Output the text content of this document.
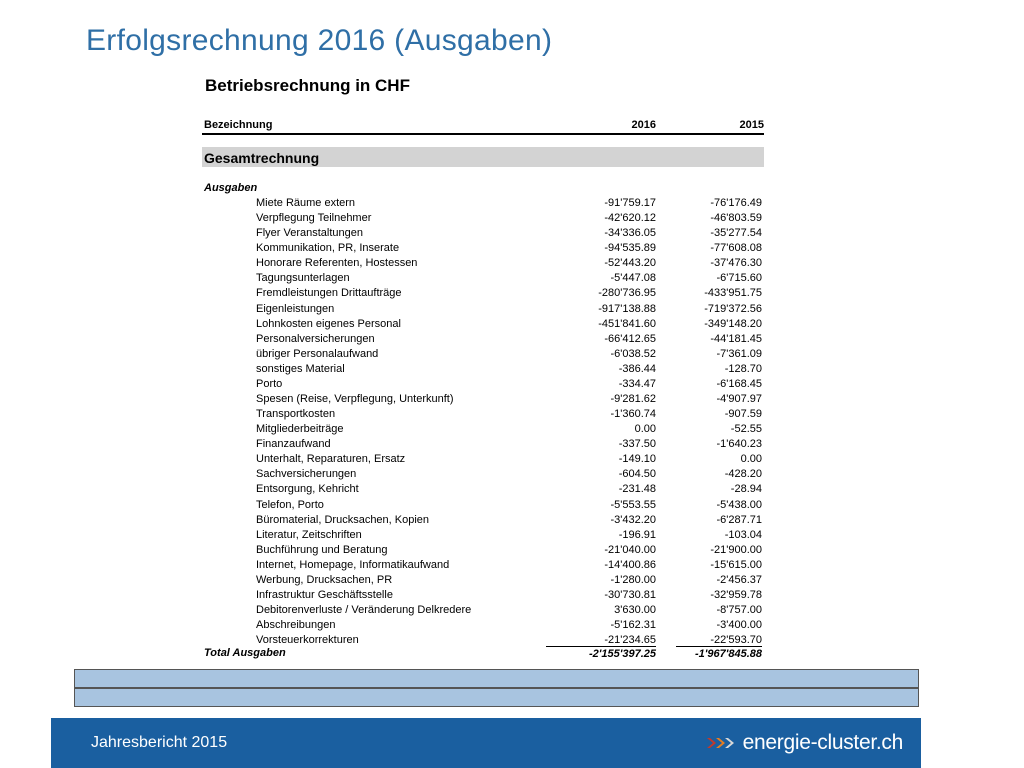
Erfolgsrechnung 2016 (Ausgaben)
Betriebsrechnung in CHF
Bezeichnung	2016	2015
Gesamtrechnung
Ausgaben
Miete Räume extern	-91'759.17	-76'176.49
Verpflegung Teilnehmer	-42'620.12	-46'803.59
Flyer Veranstaltungen	-34'336.05	-35'277.54
Kommunikation, PR, Inserate	-94'535.89	-77'608.08
Honorare Referenten, Hostessen	-52'443.20	-37'476.30
Tagungsunterlagen	-5'447.08	-6'715.60
Fremdleistungen Drittaufträge	-280'736.95	-433'951.75
Eigenleistungen	-917'138.88	-719'372.56
Lohnkosten eigenes Personal	-451'841.60	-349'148.20
Personalversicherungen	-66'412.65	-44'181.45
übriger Personalaufwand	-6'038.52	-7'361.09
sonstiges Material	-386.44	-128.70
Porto	-334.47	-6'168.45
Spesen (Reise, Verpflegung, Unterkunft)	-9'281.62	-4'907.97
Transportkosten	-1'360.74	-907.59
Mitgliederbeiträge	0.00	-52.55
Finanzaufwand	-337.50	-1'640.23
Unterhalt, Reparaturen, Ersatz	-149.10	0.00
Sachversicherungen	-604.50	-428.20
Entsorgung, Kehricht	-231.48	-28.94
Telefon, Porto	-5'553.55	-5'438.00
Büromaterial, Drucksachen, Kopien	-3'432.20	-6'287.71
Literatur, Zeitschriften	-196.91	-103.04
Buchführung und Beratung	-21'040.00	-21'900.00
Internet, Homepage, Informatikaufwand	-14'400.86	-15'615.00
Werbung, Drucksachen, PR	-1'280.00	-2'456.37
Infrastruktur Geschäftsstelle	-30'730.81	-32'959.78
Debitorenverluste / Veränderung Delkredere	3'630.00	-8'757.00
Abschreibungen	-5'162.31	-3'400.00
Vorsteuerkorrekturen	-21'234.65	-22'593.70
Total Ausgaben	-2'155'397.25	-1'967'845.88
Jahresbericht 2015	energie-cluster.ch
